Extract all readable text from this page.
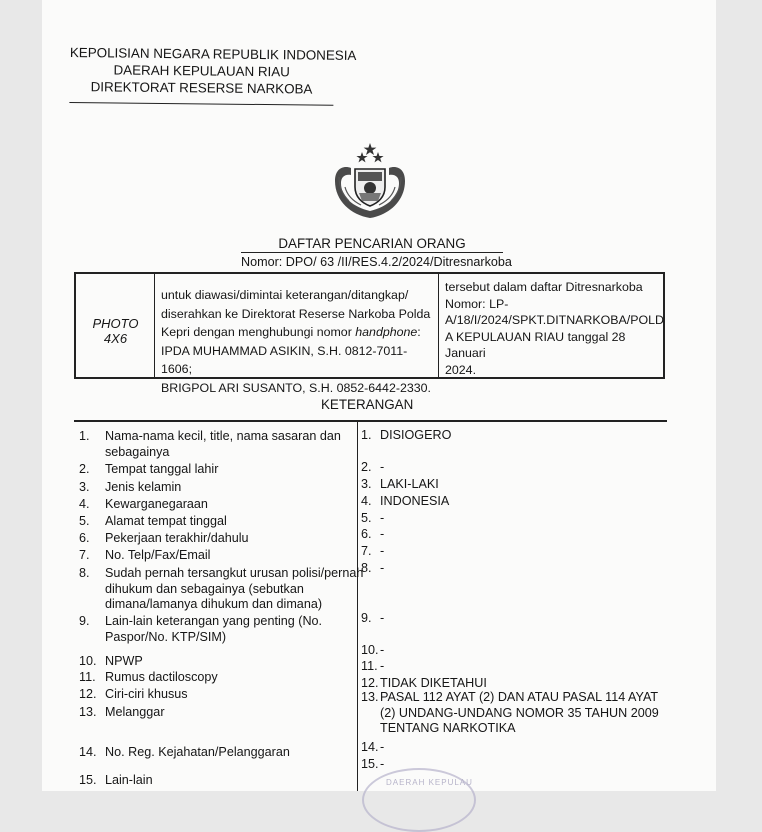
KEPOLISIAN NEGARA REPUBLIK INDONESIA
DAERAH KEPULAUAN RIAU
DIREKTORAT RESERSE NARKOBA
DAFTAR PENCARIAN ORANG
Nomor: DPO/ 63 /II/RES.4.2/2024/Ditresnarkoba
PHOTO
4X6
untuk diawasi/dimintai keterangan/ditangkap/
diserahkan ke Direktorat Reserse Narkoba Polda
Kepri dengan menghubungi nomor handphone:
IPDA MUHAMMAD ASIKIN, S.H. 0812-7011-1606;
BRIGPOL ARI SUSANTO, S.H. 0852-6442-2330.
tersebut dalam daftar Ditresnarkoba
Nomor: LP-
A/18/I/2024/SPKT.DITNARKOBA/POLD
A KEPULAUAN RIAU tanggal 28 Januari
2024.
KETERANGAN
1. Nama-nama kecil, title, nama sasaran dan
sebagainya
2. Tempat tanggal lahir
3. Jenis kelamin
4. Kewarganegaraan
5. Alamat tempat tinggal
6. Pekerjaan terakhir/dahulu
7. No. Telp/Fax/Email
8. Sudah pernah tersangkut urusan polisi/pernah
dihukum dan sebagainya (sebutkan
dimana/lamanya dihukum dan dimana)
9. Lain-lain keterangan yang penting (No.
Paspor/No. KTP/SIM)
10. NPWP
11. Rumus dactiloscopy
12. Ciri-ciri khusus
13. Melanggar
14. No. Reg. Kejahatan/Pelanggaran
15. Lain-lain
1. DISIOGERO
2. -
3. LAKI-LAKI
4. INDONESIA
5. -
6. -
7. -
8. -
9. -
10. -
11. -
12. TIDAK DIKETAHUI
13. PASAL 112 AYAT (2) DAN ATAU PASAL 114 AYAT
(2) UNDANG-UNDANG NOMOR 35 TAHUN 2009
TENTANG NARKOTIKA
14. -
15. -
DAERAH KEPULAU
